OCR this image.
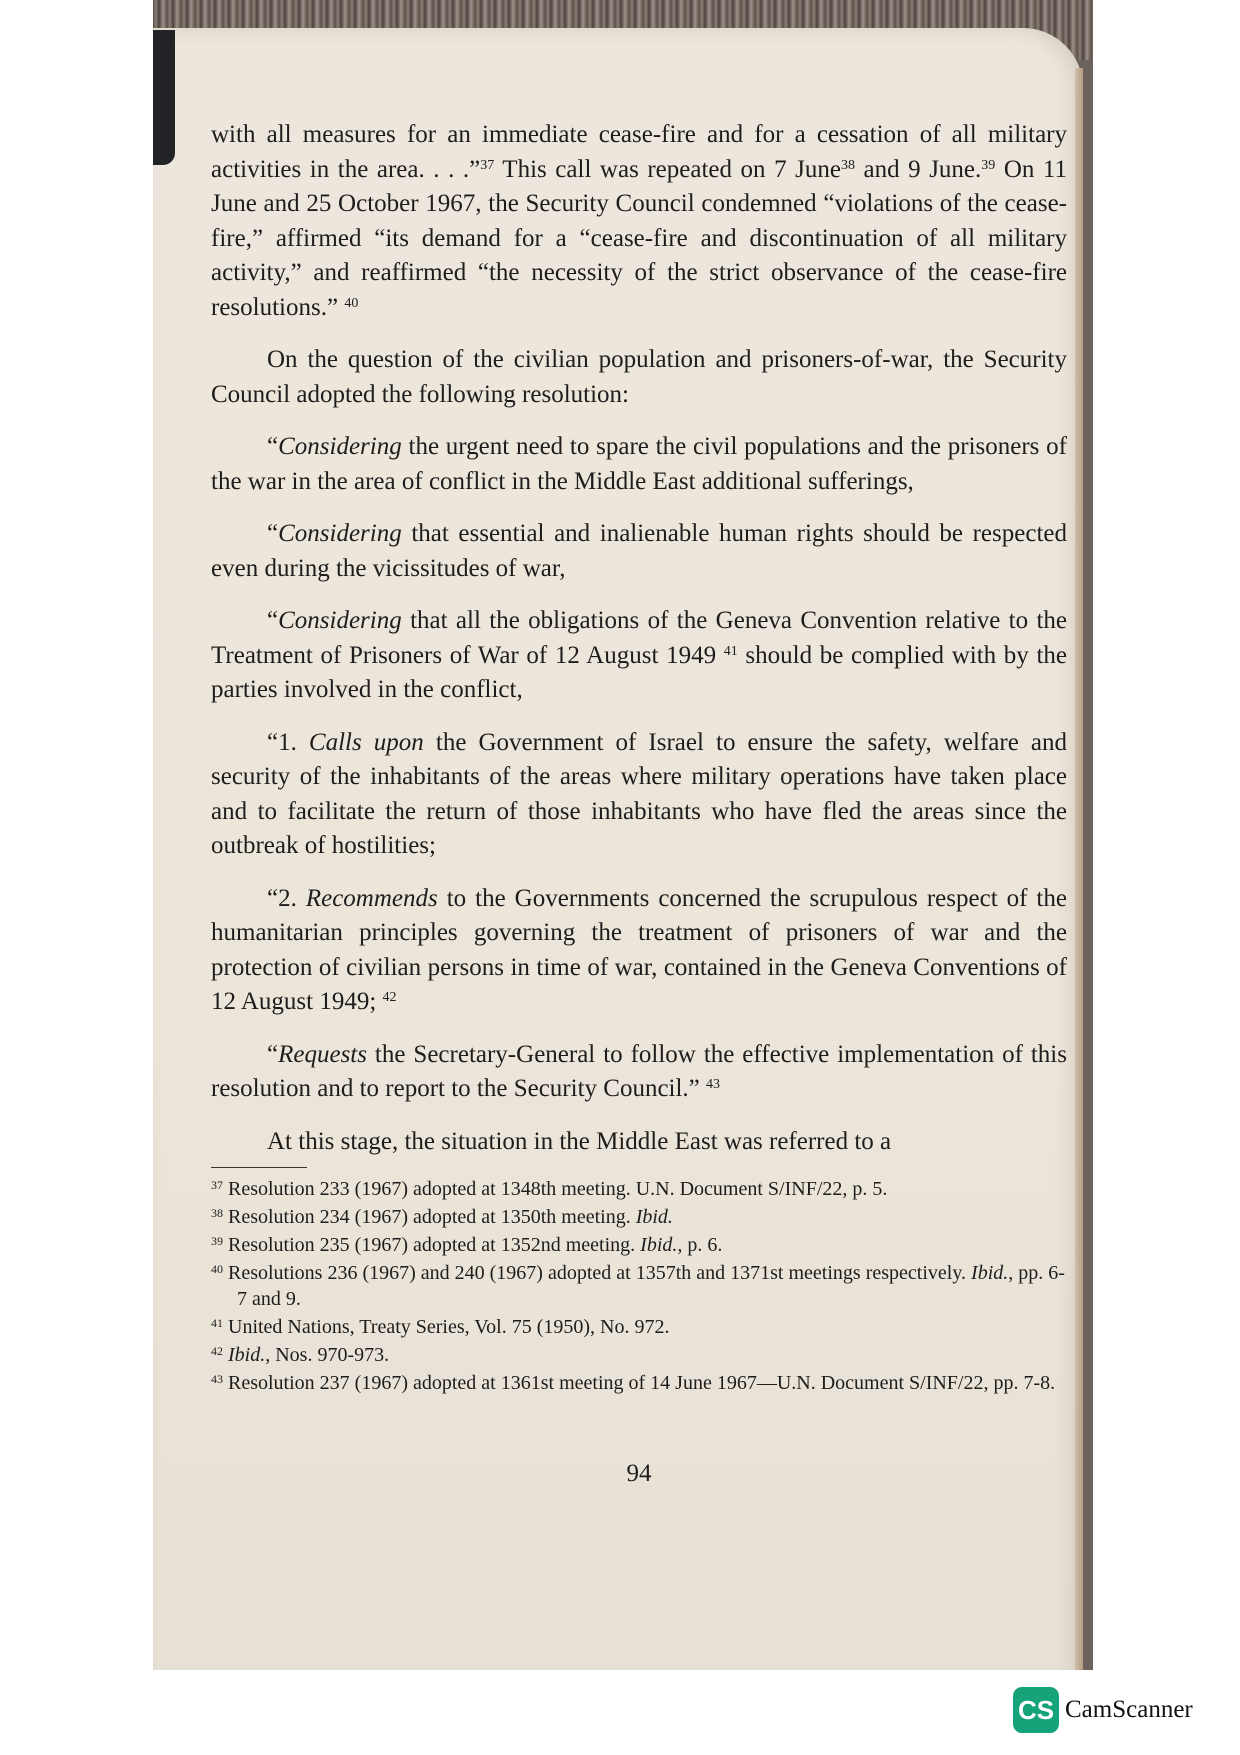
with all measures for an immediate cease-fire and for a cessation of all military activities in the area. . . .”$^{37}$ This call was repeated on 7 June$^{38}$ and 9 June.$^{39}$ On 11 June and 25 October 1967, the Security Council condemned “violations of the cease-fire,” affirmed “its demand for a “cease-fire and discontinuation of all military activity,” and reaffirmed “the necessity of the strict observance of the cease-fire resolutions.” $^{40}$

On the question of the civilian population and prisoners-of-war, the Security Council adopted the following resolution:

“Considering the urgent need to spare the civil populations and the prisoners of the war in the area of conflict in the Middle East additional sufferings,

“Considering that essential and inalienable human rights should be respected even during the vicissitudes of war,

“Considering that all the obligations of the Geneva Convention relative to the Treatment of Prisoners of War of 12 August 1949 $^{41}$ should be complied with by the parties involved in the conflict,

“1. Calls upon the Government of Israel to ensure the safety, welfare and security of the inhabitants of the areas where military operations have taken place and to facilitate the return of those inhabitants who have fled the areas since the outbreak of hostilities;

“2. Recommends to the Governments concerned the scrupulous respect of the humanitarian principles governing the treatment of prisoners of war and the protection of civilian persons in time of war, contained in the Geneva Conventions of 12 August 1949; $^{42}$

“Requests the Secretary-General to follow the effective implementation of this resolution and to report to the Security Council.” $^{43}$

At this stage, the situation in the Middle East was referred to a

$^{37}$ Resolution 233 (1967) adopted at 1348th meeting. U.N. Document S/INF/22, p. 5.
$^{38}$ Resolution 234 (1967) adopted at 1350th meeting. Ibid.
$^{39}$ Resolution 235 (1967) adopted at 1352nd meeting. Ibid., p. 6.
$^{40}$ Resolutions 236 (1967) and 240 (1967) adopted at 1357th and 1371st meetings respectively. Ibid., pp. 6-7 and 9.
$^{41}$ United Nations, Treaty Series, Vol. 75 (1950), No. 972.
$^{42}$ Ibid., Nos. 970-973.
$^{43}$ Resolution 237 (1967) adopted at 1361st meeting of 14 June 1967—U.N. Document S/INF/22, pp. 7-8.
94
CS CamScanner
